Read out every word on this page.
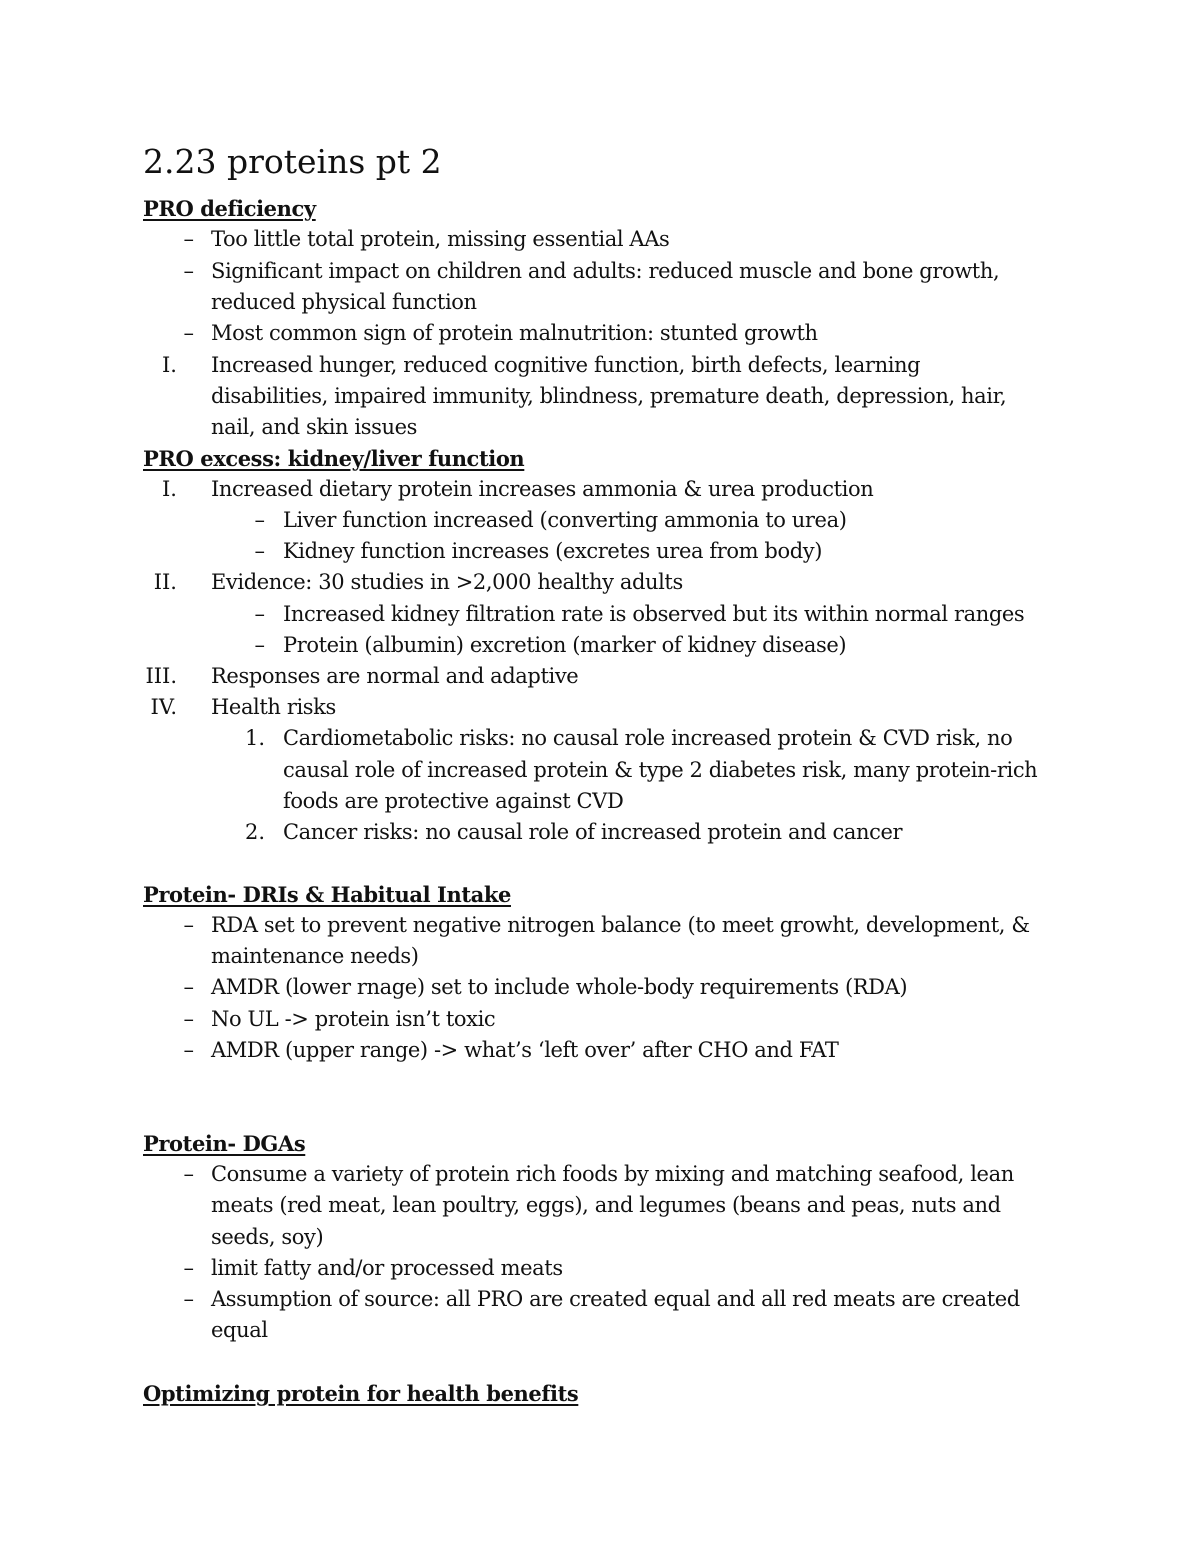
2.23 proteins pt 2
PRO deficiency
– Too little total protein, missing essential AAs
– Significant impact on children and adults: reduced muscle and bone growth,
reduced physical function
– Most common sign of protein malnutrition: stunted growth
I. Increased hunger, reduced cognitive function, birth defects, learning
disabilities, impaired immunity, blindness, premature death, depression, hair,
nail, and skin issues
PRO excess: kidney/liver function
I. Increased dietary protein increases ammonia & urea production
– Liver function increased (converting ammonia to urea)
– Kidney function increases (excretes urea from body)
II. Evidence: 30 studies in >2,000 healthy adults
– Increased kidney filtration rate is observed but its within normal ranges
– Protein (albumin) excretion (marker of kidney disease)
III. Responses are normal and adaptive
IV. Health risks
1. Cardiometabolic risks: no causal role increased protein & CVD risk, no
causal role of increased protein & type 2 diabetes risk, many protein-rich
foods are protective against CVD
2. Cancer risks: no causal role of increased protein and cancer
Protein- DRIs & Habitual Intake
– RDA set to prevent negative nitrogen balance (to meet growht, development, &
maintenance needs)
– AMDR (lower rnage) set to include whole-body requirements (RDA)
– No UL -> protein isn’t toxic
– AMDR (upper range) -> what’s ‘left over’ after CHO and FAT
Protein- DGAs
– Consume a variety of protein rich foods by mixing and matching seafood, lean
meats (red meat, lean poultry, eggs), and legumes (beans and peas, nuts and
seeds, soy)
– limit fatty and/or processed meats
– Assumption of source: all PRO are created equal and all red meats are created
equal
Optimizing protein for health benefits
